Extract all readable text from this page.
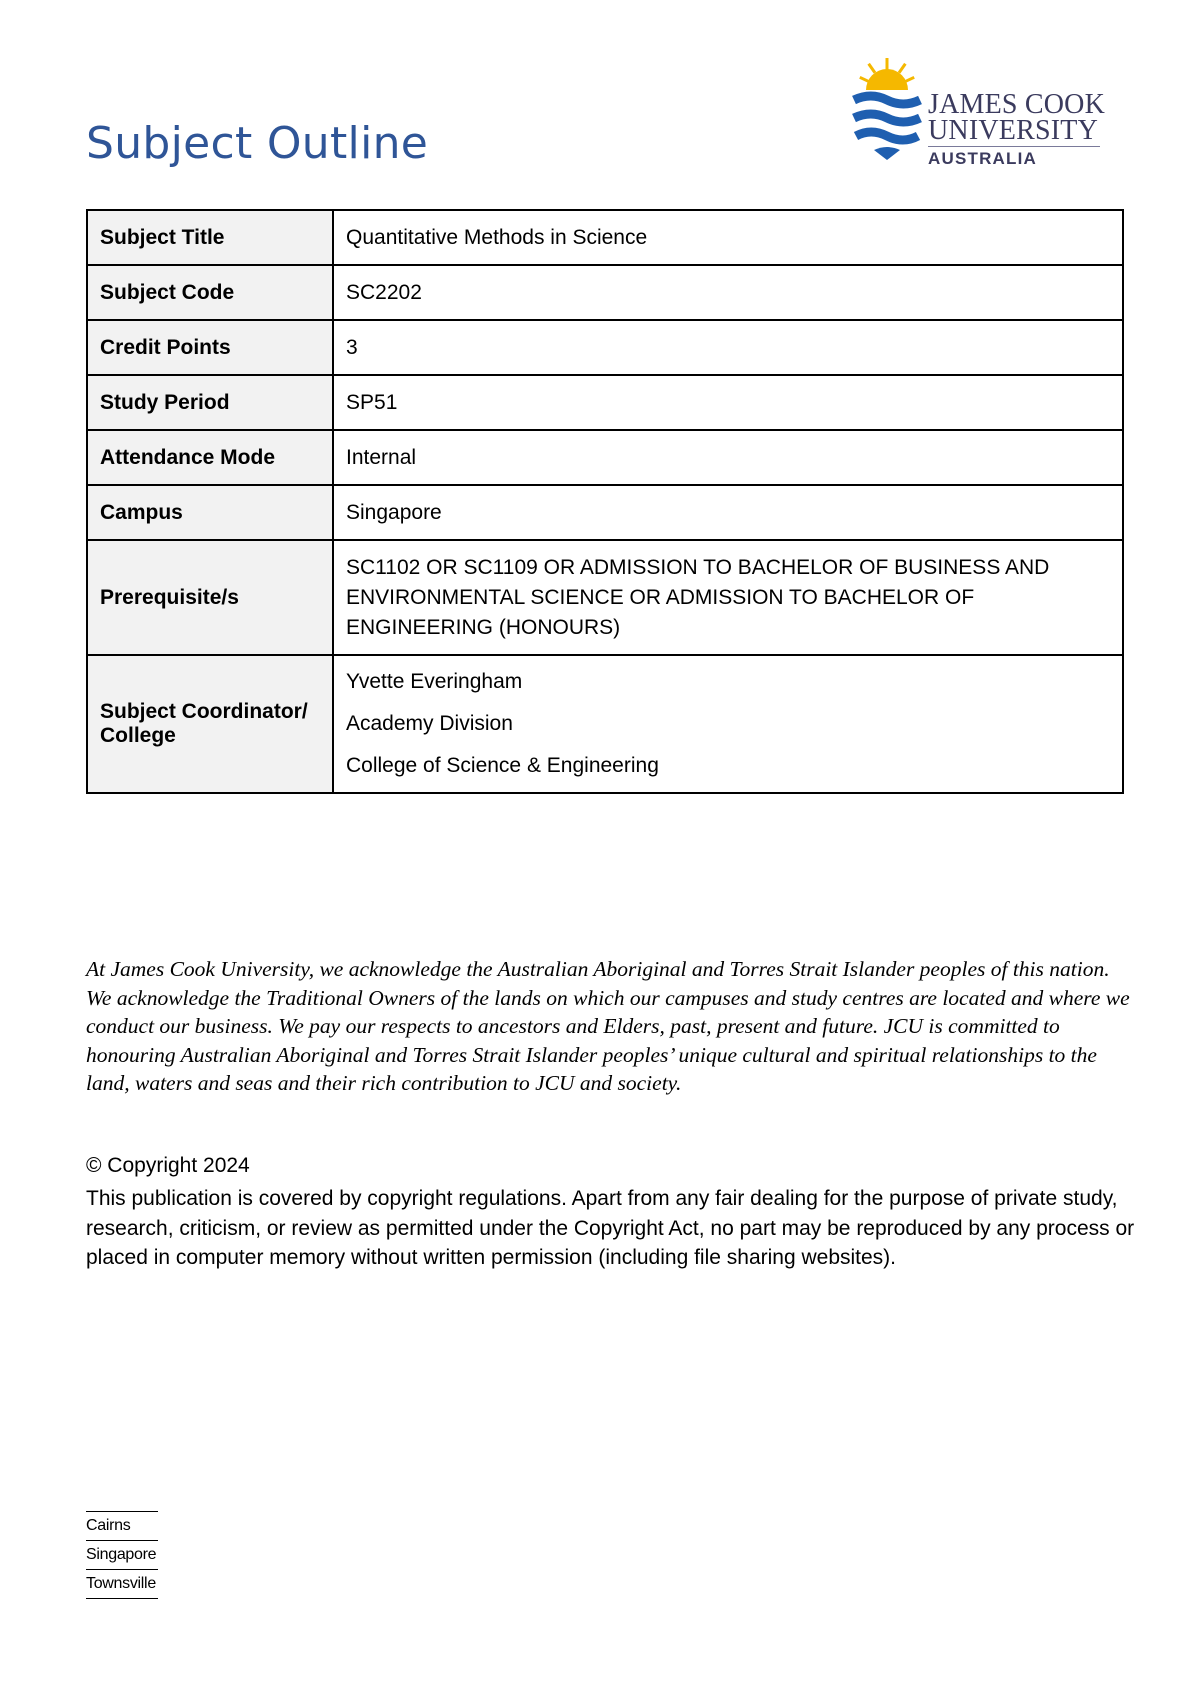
Subject Outline
JAMES COOK
UNIVERSITY
AUSTRALIA
Subject Title	Quantitative Methods in Science
Subject Code	SC2202
Credit Points	3
Study Period	SP51
Attendance Mode	Internal
Campus	Singapore
Prerequisite/s	SC1102 OR SC1109 OR ADMISSION TO BACHELOR OF BUSINESS AND ENVIRONMENTAL SCIENCE OR ADMISSION TO BACHELOR OF ENGINEERING (HONOURS)
Subject Coordinator/ College	Yvette Everingham
Academy Division
College of Science & Engineering

At James Cook University, we acknowledge the Australian Aboriginal and Torres Strait Islander peoples of this nation. We acknowledge the Traditional Owners of the lands on which our campuses and study centres are located and where we conduct our business. We pay our respects to ancestors and Elders, past, present and future. JCU is committed to honouring Australian Aboriginal and Torres Strait Islander peoples’ unique cultural and spiritual relationships to the land, waters and seas and their rich contribution to JCU and society.

© Copyright 2024

This publication is covered by copyright regulations. Apart from any fair dealing for the purpose of private study, research, criticism, or review as permitted under the Copyright Act, no part may be reproduced by any process or placed in computer memory without written permission (including file sharing websites).

Cairns
Singapore
Townsville
